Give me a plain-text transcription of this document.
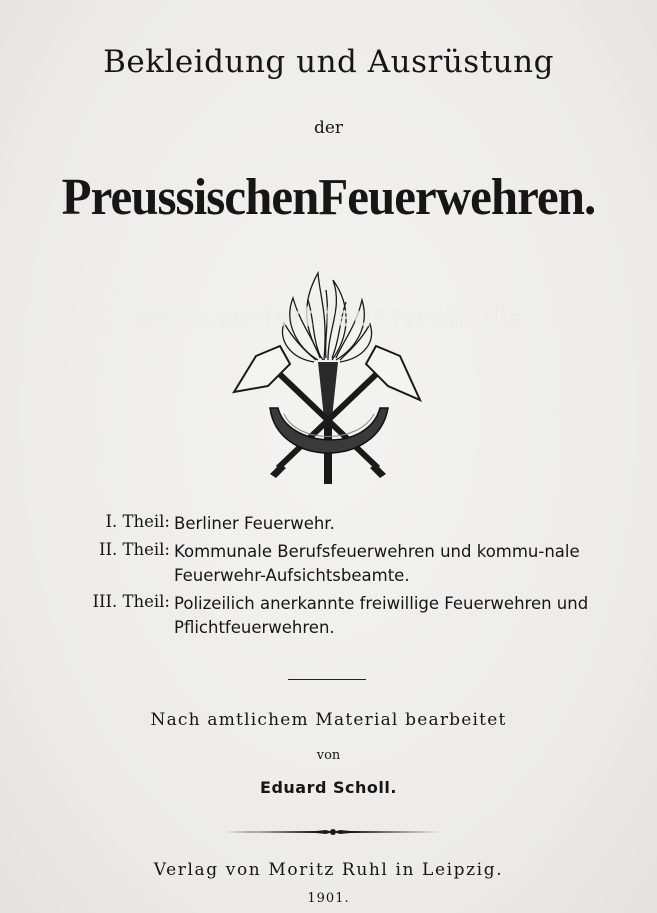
Bekleidung und Ausrüstung
der
PreussischenFeuerwehren.
www.seifert-feuerwehr.de
I. Theil: Berliner Feuerwehr.
II. Theil: Kommunale Berufsfeuerwehren und kommu-nale Feuerwehr-Aufsichtsbeamte.
III. Theil: Polizeilich anerkannte freiwillige Feuerwehren und Pflichtfeuerwehren.
Nach amtlichem Material bearbeitet
von
Eduard Scholl.
Verlag von Moritz Ruhl in Leipzig.
1901.
